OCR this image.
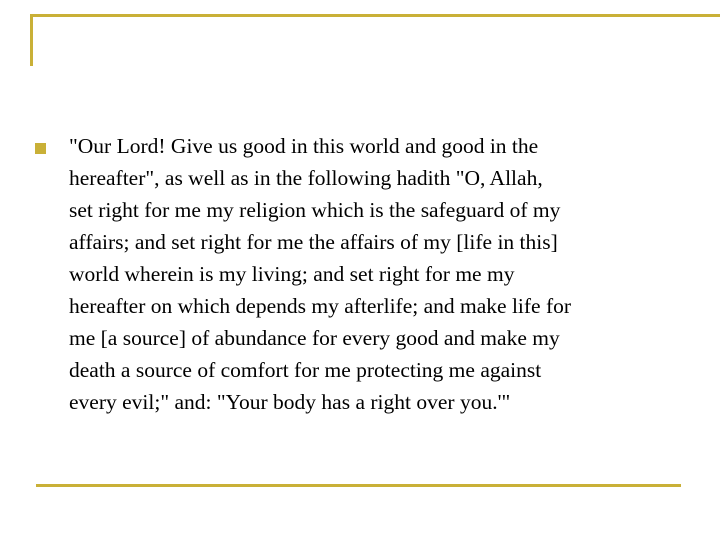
"Our Lord! Give us good in this world and good in the
hereafter", as well as in the following hadith "O, Allah,
set right for me my religion which is the safeguard of my
affairs; and set right for me the affairs of my [life in this]
world wherein is my living; and set right for me my
hereafter on which depends my afterlife; and make life for
me [a source] of abundance for every good and make my
death a source of comfort for me protecting me against
every evil;" and: "Your body has a right over you.'"
